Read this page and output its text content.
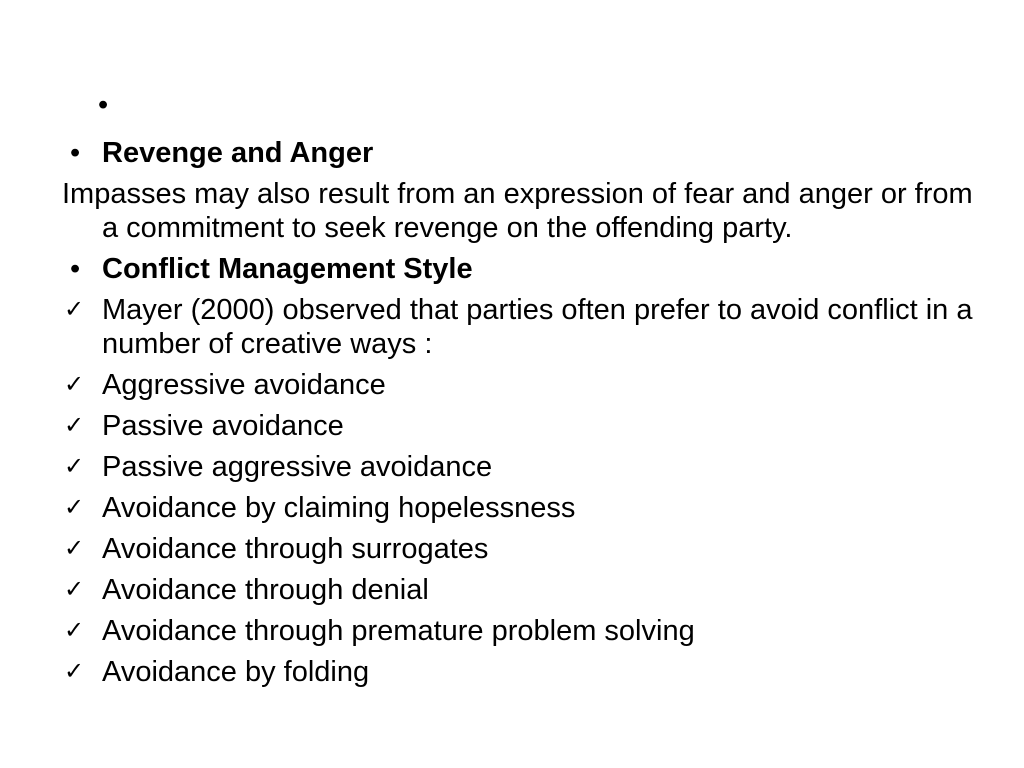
•
• Revenge and Anger
Impasses may also result from an expression of fear and anger or from a commitment to seek revenge on the offending party.
• Conflict Management Style
✓ Mayer (2000) observed that parties often prefer to avoid conflict in a number of creative ways :
✓ Aggressive avoidance
✓ Passive avoidance
✓ Passive aggressive avoidance
✓ Avoidance by claiming hopelessness
✓ Avoidance through surrogates
✓ Avoidance through denial
✓ Avoidance through premature problem solving
✓ Avoidance by folding
